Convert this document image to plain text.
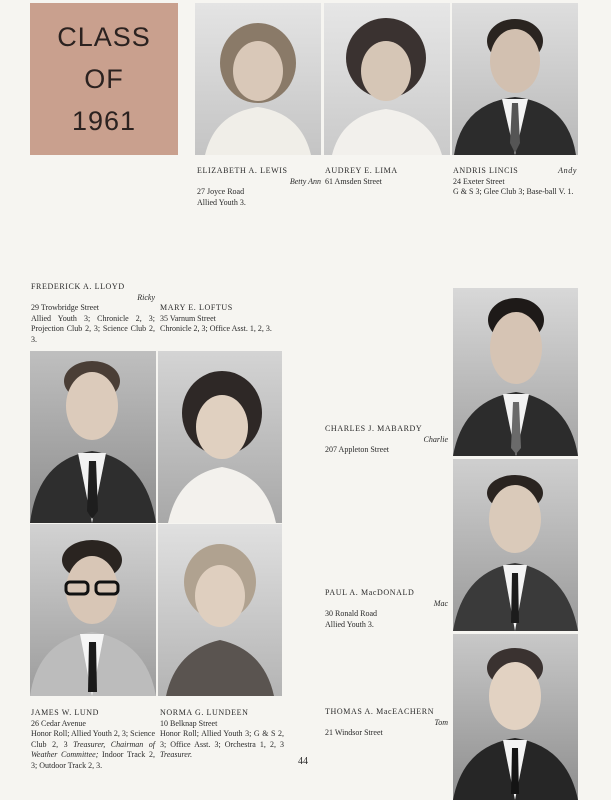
CLASS
OF
1961
ELIZABETH A. LEWIS
Betty Ann
27 Joyce Road
Allied Youth 3.
AUDREY E. LIMA
61 Amsden Street
ANDRIS LINCIS	Andy
24 Exeter Street
G & S 3; Glee Club 3; Base-ball V. 1.
FREDERICK A. LLOYD
Ricky
29 Trowbridge Street
Allied Youth 3; Chronicle 2, 3; Projection Club 2, 3; Science Club 2, 3.
MARY E. LOFTUS
35 Varnum Street
Chronicle 2, 3; Office Asst. 1, 2, 3.
CHARLES J. MABARDY
Charlie
207 Appleton Street
PAUL A. MacDONALD
Mac
30 Ronald Road
Allied Youth 3.
THOMAS A. MacEACHERN
Tom
21 Windsor Street
JAMES W. LUND
26 Cedar Avenue
Honor Roll; Allied Youth 2, 3; Science Club 2, 3 Treasurer, Chairman of Weather Committee; Indoor Track 2, 3; Outdoor Track 2, 3.
NORMA G. LUNDEEN
10 Belknap Street
Honor Roll; Allied Youth 3; G & S 2, 3; Office Asst. 3; Orchestra 1, 2, 3 Treasurer.
44
